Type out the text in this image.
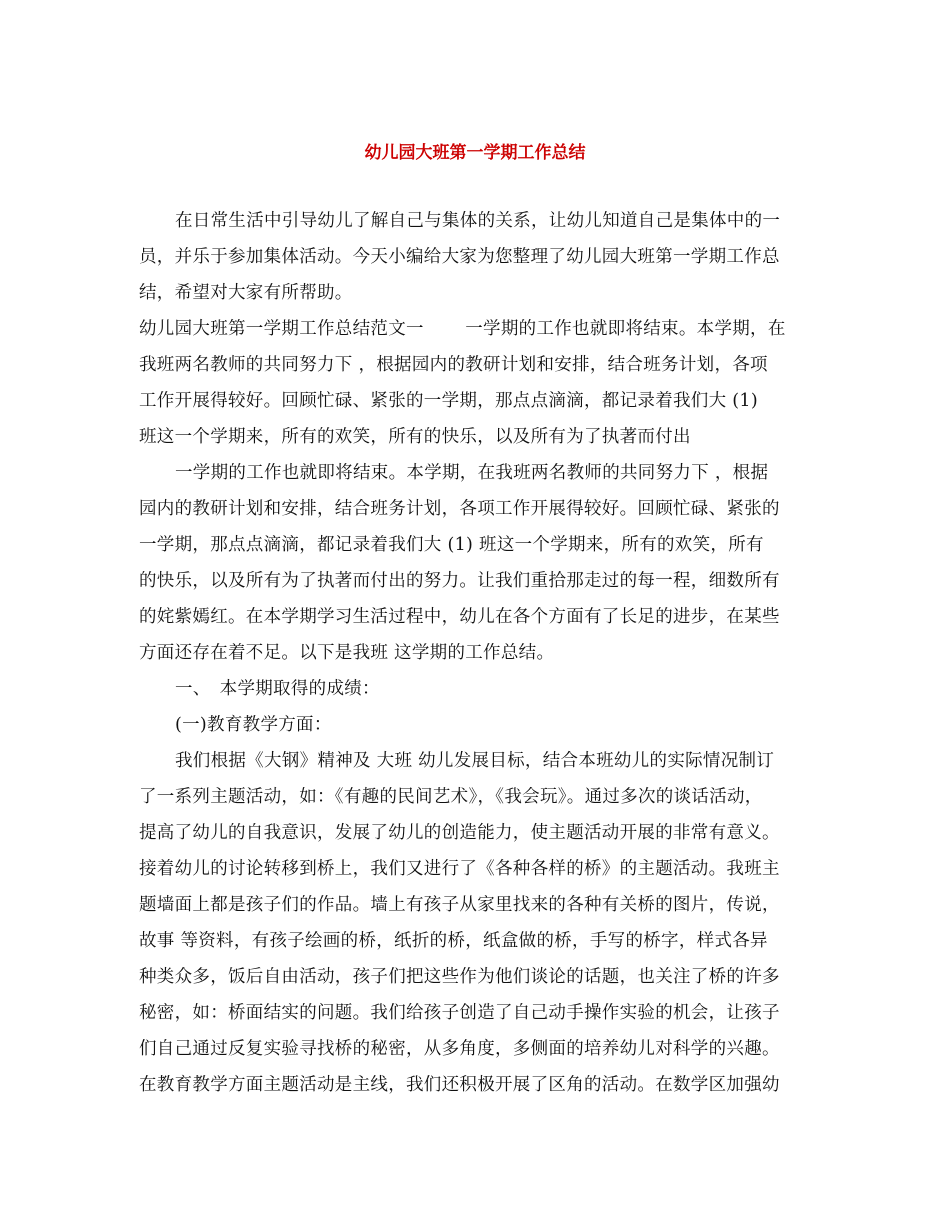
幼儿园大班第一学期工作总结
在日常生活中引导幼儿了解自己与集体的关系，让幼儿知道自己是集体中的一
员，并乐于参加集体活动。今天小编给大家为您整理了幼儿园大班第一学期工作总
结，希望对大家有所帮助。
幼儿园大班第一学期工作总结范文一　　 一学期的工作也就即将结束。本学期，在
我班两名教师的共同努力下 ，根据园内的教研计划和安排，结合班务计划，各项
工作开展得较好。回顾忙碌、紧张的一学期，那点点滴滴，都记录着我们大 (1)
班这一个学期来，所有的欢笑，所有的快乐，以及所有为了执著而付出
一学期的工作也就即将结束。本学期，在我班两名教师的共同努力下 ，根据
园内的教研计划和安排，结合班务计划，各项工作开展得较好。回顾忙碌、紧张的
一学期，那点点滴滴，都记录着我们大 (1) 班这一个学期来，所有的欢笑，所有
的快乐，以及所有为了执著而付出的努力。让我们重拾那走过的每一程，细数所有
的姹紫嫣红。在本学期学习生活过程中，幼儿在各个方面有了长足的进步，在某些
方面还存在着不足。以下是我班 这学期的工作总结。
一、　本学期取得的成绩：
(一)教育教学方面：
我们根据《大钢》精神及 大班 幼儿发展目标，结合本班幼儿的实际情况制订
了一系列主题活动，如：《有趣的民间艺术》，《我会玩》。通过多次的谈话活动，
提高了幼儿的自我意识，发展了幼儿的创造能力，使主题活动开展的非常有意义。
接着幼儿的讨论转移到桥上，我们又进行了《各种各样的桥》的主题活动。我班主
题墙面上都是孩子们的作品。墙上有孩子从家里找来的各种有关桥的图片，传说，
故事 等资料，有孩子绘画的桥，纸折的桥，纸盒做的桥，手写的桥字，样式各异
种类众多，饭后自由活动，孩子们把这些作为他们谈论的话题，也关注了桥的许多
秘密，如：桥面结实的问题。我们给孩子创造了自己动手操作实验的机会，让孩子
们自己通过反复实验寻找桥的秘密，从多角度，多侧面的培养幼儿对科学的兴趣。
在教育教学方面主题活动是主线，我们还积极开展了区角的活动。在数学区加强幼
